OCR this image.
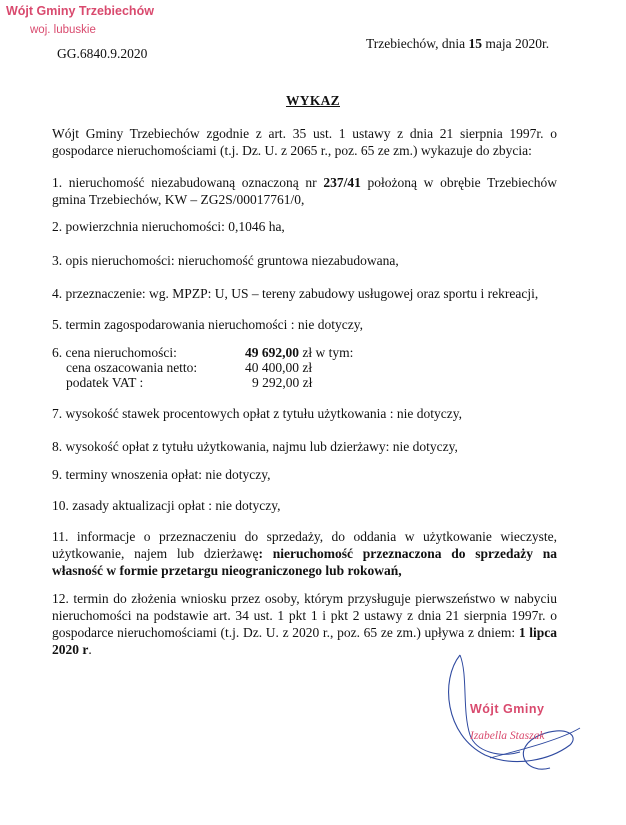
Wójt Gminy Trzebiechów
woj. lubuskie
GG.6840.9.2020
Trzebiechów, dnia 15 maja 2020r.
WYKAZ
Wójt Gminy Trzebiechów zgodnie z art. 35 ust. 1 ustawy z dnia 21 sierpnia 1997r. o gospodarce nieruchomościami (t.j. Dz. U. z 2065 r., poz. 65 ze zm.) wykazuje do zbycia:
1. nieruchomość niezabudowaną oznaczoną nr 237/41 położoną w obrębie Trzebiechów gmina Trzebiechów, KW – ZG2S/00017761/0,
2. powierzchnia nieruchomości: 0,1046 ha,
3. opis nieruchomości: nieruchomość gruntowa niezabudowana,
4. przeznaczenie: wg. MPZP: U, US – tereny zabudowy usługowej oraz sportu i rekreacji,
5. termin zagospodarowania nieruchomości : nie dotyczy,
6. cena nieruchomości:	49 692,00 zł w tym:
cena oszacowania netto:	40 400,00 zł
podatek VAT :	9 292,00 zł
7. wysokość stawek procentowych opłat z tytułu użytkowania : nie dotyczy,
8. wysokość opłat z tytułu użytkowania, najmu lub dzierżawy: nie dotyczy,
9. terminy wnoszenia opłat: nie dotyczy,
10. zasady aktualizacji opłat : nie dotyczy,
11. informacje o przeznaczeniu do sprzedaży, do oddania w użytkowanie wieczyste, użytkowanie, najem lub dzierżawę: nieruchomość przeznaczona do sprzedaży na własność w formie przetargu nieograniczonego lub rokowań,
12. termin do złożenia wniosku przez osoby, którym przysługuje pierwszeństwo w nabyciu nieruchomości na podstawie art. 34 ust. 1 pkt 1 i pkt 2 ustawy z dnia 21 sierpnia 1997r. o gospodarce nieruchomościami (t.j. Dz. U. z 2020 r., poz. 65 ze zm.) upływa z dniem: 1 lipca 2020 r.
Wójt Gminy
Izabella Staszak
